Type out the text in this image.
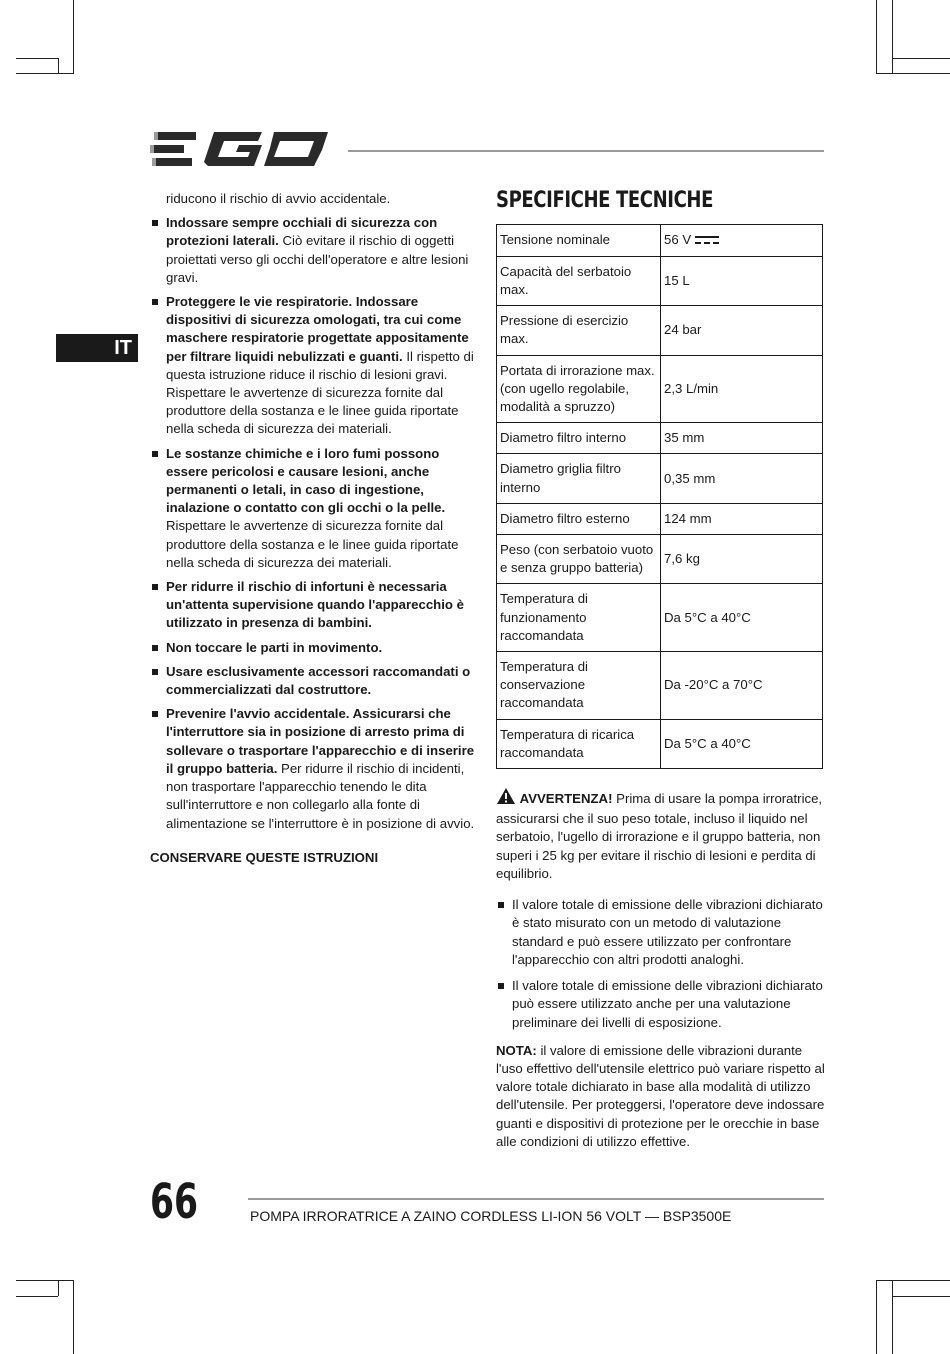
IT

riducono il rischio di avvio accidentale.

Indossare sempre occhiali di sicurezza con protezioni laterali. Ciò evitare il rischio di oggetti proiettati verso gli occhi dell'operatore e altre lesioni gravi.
Proteggere le vie respiratorie. Indossare dispositivi di sicurezza omologati, tra cui come maschere respiratorie progettate appositamente per filtrare liquidi nebulizzati e guanti. Il rispetto di questa istruzione riduce il rischio di lesioni gravi. Rispettare le avvertenze di sicurezza fornite dal produttore della sostanza e le linee guida riportate nella scheda di sicurezza dei materiali.
Le sostanze chimiche e i loro fumi possono essere pericolosi e causare lesioni, anche permanenti o letali, in caso di ingestione, inalazione o contatto con gli occhi o la pelle. Rispettare le avvertenze di sicurezza fornite dal produttore della sostanza e le linee guida riportate nella scheda di sicurezza dei materiali.
Per ridurre il rischio di infortuni è necessaria un'attenta supervisione quando l'apparecchio è utilizzato in presenza di bambini.
Non toccare le parti in movimento.
Usare esclusivamente accessori raccomandati o commercializzati dal costruttore.
Prevenire l'avvio accidentale. Assicurarsi che l'interruttore sia in posizione di arresto prima di sollevare o trasportare l'apparecchio e di inserire il gruppo batteria. Per ridurre il rischio di incidenti, non trasportare l'apparecchio tenendo le dita sull'interruttore e non collegarlo alla fonte di alimentazione se l'interruttore è in posizione di avvio.

CONSERVARE QUESTE ISTRUZIONI

SPECIFICHE TECNICHE
Tensione nominale	56 V
Capacità del serbatoio max.	15 L
Pressione di esercizio max.	24 bar
Portata di irrorazione max. (con ugello regolabile, modalità a spruzzo)	2,3 L/min
Diametro filtro interno	35 mm
Diametro griglia filtro interno	0,35 mm
Diametro filtro esterno	124 mm
Peso (con serbatoio vuoto e senza gruppo batteria)	7,6 kg
Temperatura di funzionamento raccomandata	Da 5°C a 40°C
Temperatura di conservazione raccomandata	Da -20°C a 70°C
Temperatura di ricarica raccomandata	Da 5°C a 40°C

AVVERTENZA! Prima di usare la pompa irroratrice, assicurarsi che il suo peso totale, incluso il liquido nel serbatoio, l'ugello di irrorazione e il gruppo batteria, non superi i 25 kg per evitare il rischio di lesioni e perdita di equilibrio.

Il valore totale di emissione delle vibrazioni dichiarato è stato misurato con un metodo di valutazione standard e può essere utilizzato per confrontare l'apparecchio con altri prodotti analoghi.
Il valore totale di emissione delle vibrazioni dichiarato può essere utilizzato anche per una valutazione preliminare dei livelli di esposizione.

NOTA: il valore di emissione delle vibrazioni durante l'uso effettivo dell'utensile elettrico può variare rispetto al valore totale dichiarato in base alla modalità di utilizzo dell'utensile. Per proteggersi, l'operatore deve indossare guanti e dispositivi di protezione per le orecchie in base alle condizioni di utilizzo effettive.

66	POMPA IRRORATRICE A ZAINO CORDLESS LI-ION 56 VOLT — BSP3500E
